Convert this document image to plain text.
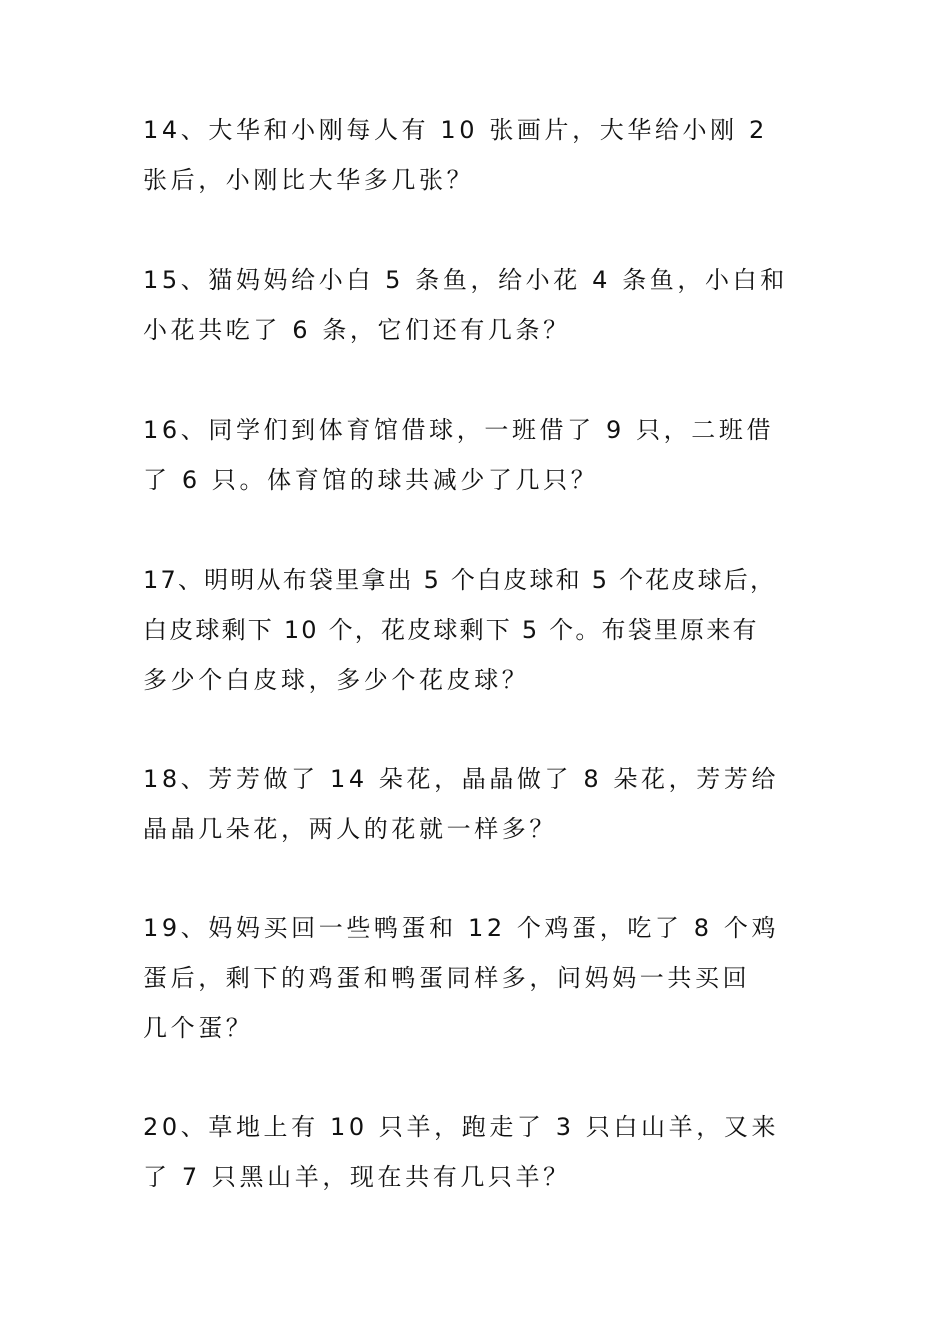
14、大华和小刚每人有 10 张画片，大华给小刚 2
张后，小刚比大华多几张？
15、猫妈妈给小白 5 条鱼，给小花 4 条鱼，小白和
小花共吃了 6 条，它们还有几条？
16、同学们到体育馆借球，一班借了 9 只，二班借
了 6 只。体育馆的球共减少了几只？
17、明明从布袋里拿出 5 个白皮球和 5 个花皮球后，
白皮球剩下 10 个，花皮球剩下 5 个。布袋里原来有
多少个白皮球，多少个花皮球？
18、芳芳做了 14 朵花，晶晶做了 8 朵花，芳芳给
晶晶几朵花，两人的花就一样多？
19、妈妈买回一些鸭蛋和 12 个鸡蛋，吃了 8 个鸡
蛋后，剩下的鸡蛋和鸭蛋同样多，问妈妈一共买回
几个蛋？
20、草地上有 10 只羊，跑走了 3 只白山羊，又来
了 7 只黑山羊，现在共有几只羊？
